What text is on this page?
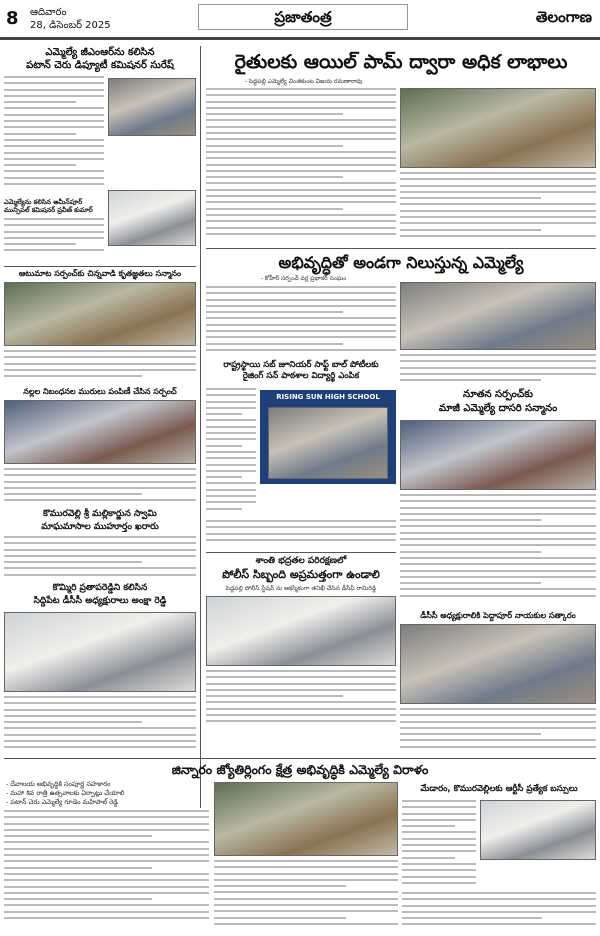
8 ఆదివారం
28, డిసెంబర్ 2025	ప్రజాతంత్ర	తెలంగాణ
ఎమ్మెల్యే జీఎంఆర్‌ను కలిసిన
పటాన్ చెరు డిప్యూటీ కమిషనర్ సురేష్
ఎమ్మెల్యేను కలిసిన అమీన్‌పూర్ మున్సిపల్ కమిషనర్ ప్రవీణ్ కుమార్
ఆటుమాట సర్పంచ్‌కు చిన్నవాడి కృతజ్ఞతలు సన్మానం
నల్లల నిబంధనల మురులు పంపిణీ చేసిన సర్పంచ్
కొమురవెల్లి శ్రీ మల్లికార్జున స్వామి
మాఘమాసాల ముహూర్తం ఖరారు
కొమ్మిరి ప్రతాపరెడ్డిని కలిసిన
సిద్దిపేట డీసీసీ అధ్యక్షురాలు అంక్షా రెడ్డి
రైతులకు ఆయిల్ పామ్ ద్వారా అధిక లాభాలు
- పెద్దపల్లి ఎమ్మెల్యే చింతకుంట విజయ రమణారావు
అభివృద్ధితో అండగా నిలుస్తున్న ఎమ్మెల్యే
- కోహీర్ సర్పంచ్ వర్ల ప్రభాకర్ సంఘం
రాష్ట్రస్థాయి సబ్ జూనియర్ సాఫ్ట్ బాల్ పోటీలకు
రైజింగ్ సన్ పాఠశాల విద్యార్థి ఎంపిక
RISING SUN HIGH SCHOOL	నూతన సర్పంచ్‌కు
మాజీ ఎమ్మెల్యే దాసరి సన్మానం
శాంతి భద్రతల పరిరక్షణలో
పోలీస్ సిబ్బంది అప్రమత్తంగా ఉండాలి
పెద్దపల్లి పోలీస్ స్టేషన్ ను ఆకస్మికంగా తనిఖీ చేసిన డీసీపీ రామిరెడ్డి
డీసీసీ అధ్యక్షురాలికి పెద్దాపూర్ నాయకుల సత్కారం
జిన్నారం జ్యోతిర్లింగం క్షేత్ర అభివృద్ధికి ఎమ్మెల్యే విరాళం
- దేవాలయ అభివృద్ధికి సంపూర్ణ సహకారం
- మహా శివ రాత్రి ఉత్సవాలకు ఏర్పాట్లు చేయాలి
- పటాన్ చెరు ఎమ్మెల్యే గూడెం మహిపాల్ రెడ్డి
మేడారం, కొమురవెల్లిలకు ఆర్టీసీ ప్రత్యేక బస్సులు
